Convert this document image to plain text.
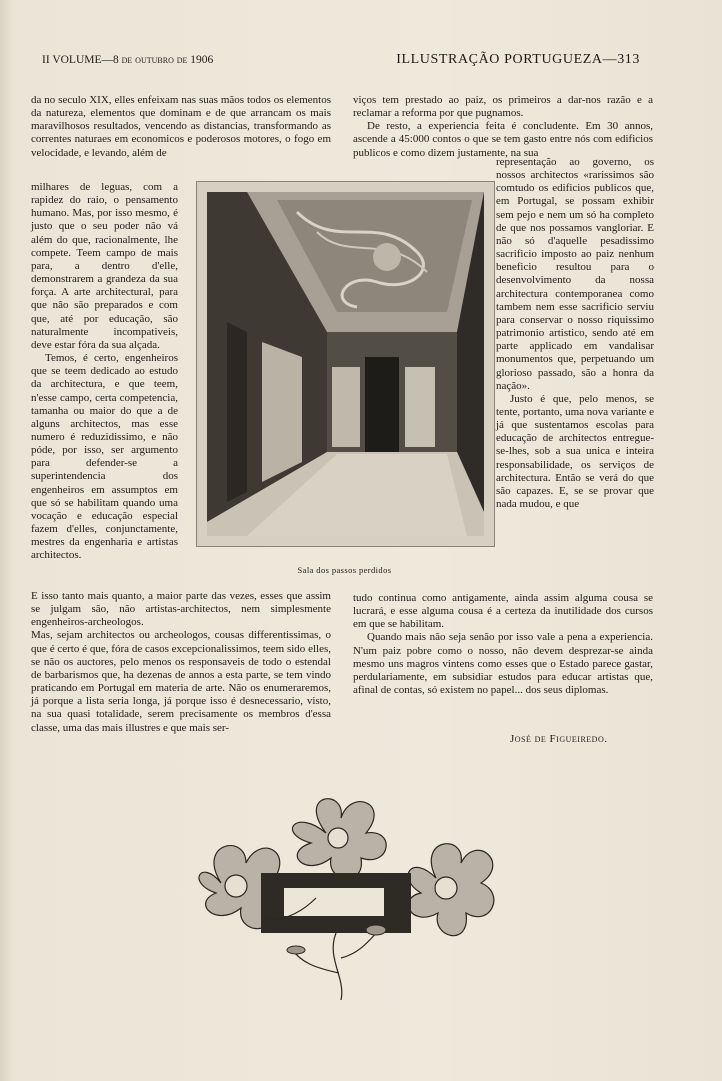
II VOLUME—8 de outubro de 1906	ILLUSTRAÇÃO PORTUGUEZA—313

da no seculo XIX, elles enfeixam nas suas mãos todos os elementos da natureza, elementos que dominam e de que arrancam os mais maravilhosos resultados, vencendo as distancias, transformando as correntes naturaes em economicos e poderosos motores, o fogo em velocidade, e levando, além de

milhares de leguas, com a rapidez do raio, o pensamento humano. Mas, por isso mesmo, é justo que o seu poder não vá além do que, racionalmente, lhe compete. Teem campo de mais para, a dentro d'elle, demonstrarem a grandeza da sua força. A arte architectural, para que não são preparados e com que, até por educação, são naturalmente incompativeis, deve estar fóra da sua alçada.

Temos, é certo, engenheiros que se teem dedicado ao estudo da architectura, e que teem, n'esse campo, certa competencia, tamanha ou maior do que a de alguns architectos, mas esse numero é reduzidissimo, e não póde, por isso, ser argumento para defender-se a superintendencia dos engenheiros em assumptos em que só se habilitam quando uma vocação e educação especial fazem d'elles, conjunctamente, mestres da engenharia e artistas architectos.

E isso tanto mais quanto, a maior parte das vezes, esses que assim se julgam são, não artistas-architectos, nem simplesmente engenheiros-archeologos.

Mas, sejam architectos ou archeologos, cousas differentissimas, o que é certo é que, fóra de casos excepcionalissimos, teem sido elles, se não os auctores, pelo menos os responsaveis de todo o estendal de barbarismos que, ha dezenas de annos a esta parte, se tem vindo praticando em Portugal em materia de arte. Não os enumeraremos, já porque a lista seria longa, já porque isso é desnecessario, visto, na sua quasi totalidade, serem precisamente os membros d'essa classe, uma das mais illustres e que mais ser-

viços tem prestado ao paiz, os primeiros a dar-nos razão e a reclamar a reforma por que pugnamos.

De resto, a experiencia feita é concludente. Em 30 annos, ascende a 45:000 contos o que se tem gasto entre nós com edificios publicos e como dizem justamente, na sua

representação ao governo, os nossos architectos «rarissimos são comtudo os edificios publicos que, em Portugal, se possam exhibir sem pejo e nem um só ha completo de que nos possamos vangloriar. E não só d'aquelle pesadissimo sacrificio imposto ao paiz nenhum beneficio resultou para o desenvolvimento da nossa architectura contemporanea como tambem nem esse sacrificio serviu para conservar o nosso riquissimo patrimonio artistico, sendo até em parte applicado em vandalisar monumentos que, perpetuando um glorioso passado, são a honra da nação».

Justo é que, pelo menos, se tente, portanto, uma nova variante e já que sustentamos escolas para educação de architectos entregue-se-lhes, sob a sua unica e inteira responsabilidade, os serviços de architectura. Então se verá do que são capazes. E, se se provar que nada mudou, e que

tudo continua como antigamente, ainda assim alguma cousa se lucrará, e esse alguma cousa é a certeza da inutilidade dos cursos em que se habilitam.

Quando mais não seja senão por isso vale a pena a experiencia. N'um paiz pobre como o nosso, não devem desprezar-se ainda mesmo uns magros vintens como esses que o Estado parece gastar, perdulariamente, em subsidiar estudos para educar artistas que, afinal de contas, só existem no papel... dos seus diplomas.

Sala dos passos perdidos
José de Figueiredo.
